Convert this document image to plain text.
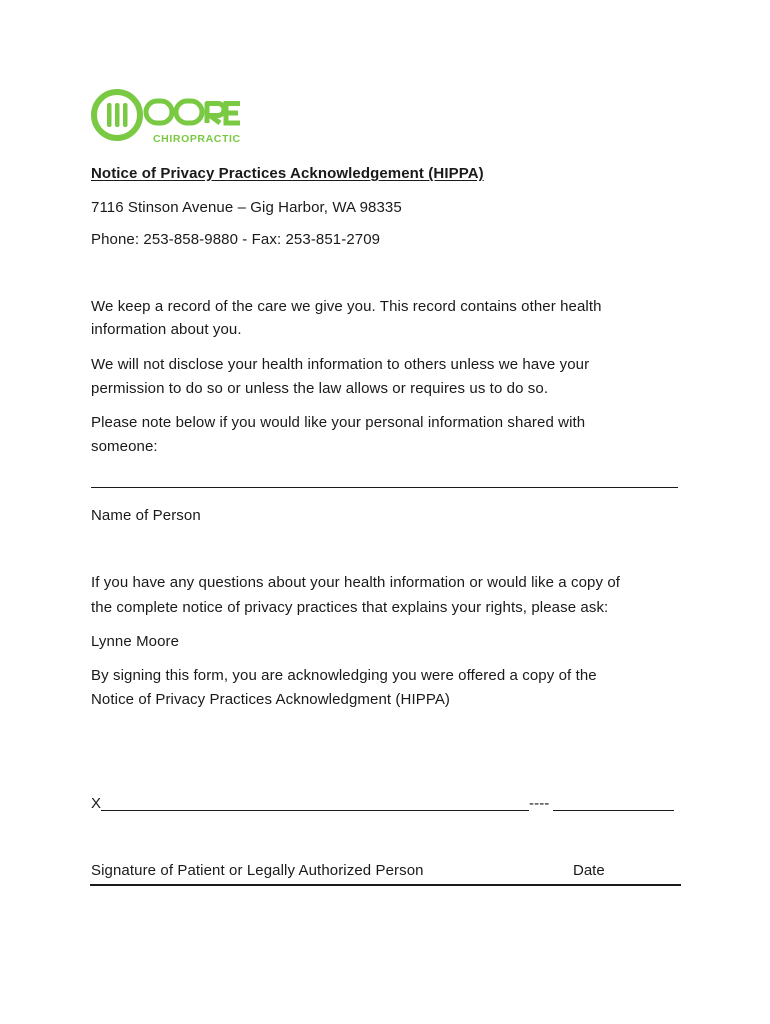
CHIROPRACTIC
Notice of Privacy Practices Acknowledgement (HIPPA)
7116 Stinson Avenue – Gig Harbor, WA 98335
Phone: 253-858-9880 - Fax: 253-851-2709
We keep a record of the care we give you. This record contains other health
information about you.
We will not disclose your health information to others unless we have your
permission to do so or unless the law allows or requires us to do so.
Please note below if you would like your personal information shared with
someone:
Name of Person
If you have any questions about your health information or would like a copy of
the complete notice of privacy practices that explains your rights, please ask:
Lynne Moore
By signing this form, you are acknowledging you were offered a copy of the
Notice of Privacy Practices Acknowledgment (HIPPA)
X	----
Signature of Patient or Legally Authorized Person	Date
